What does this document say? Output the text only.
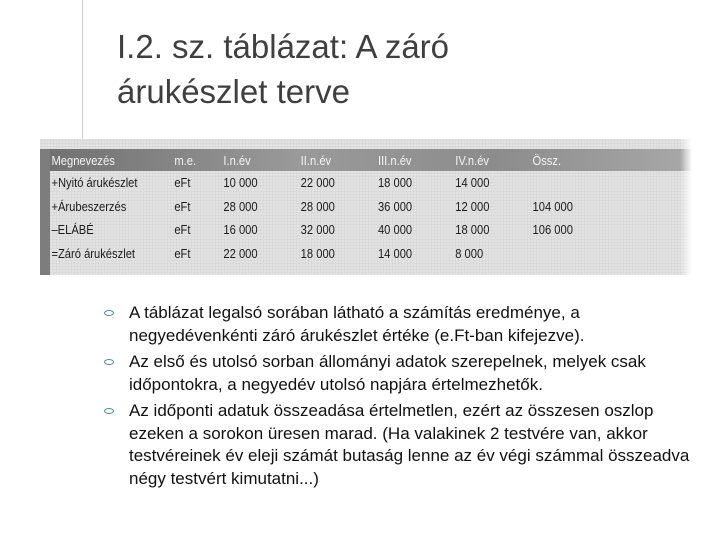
I.2. sz. táblázat: A záró
árukészlet terve
Megnevezés	m.e.	I.n.év	II.n.év	III.n.év	IV.n.év	Össz.
+Nyitó árukészlet	eFt	10 000	22 000	18 000	14 000	
+Árubeszerzés	eFt	28 000	28 000	36 000	12 000	104 000
–ELÁBÉ	eFt	16 000	32 000	40 000	18 000	106 000
=Záró árukészlet	eFt	22 000	18 000	14 000	8 000	
A táblázat legalsó sorában látható a számítás eredménye, a negyedévenkénti záró árukészlet értéke (e.Ft-ban kifejezve).
Az első és utolsó sorban állományi adatok szerepelnek, melyek csak időpontokra, a negyedév utolsó napjára értelmezhetők.
Az időponti adatuk összeadása értelmetlen, ezért az összesen oszlop ezeken a sorokon üresen marad. (Ha valakinek 2 testvére van, akkor testvéreinek év eleji számát butaság lenne az év végi számmal összeadva négy testvért kimutatni...)
